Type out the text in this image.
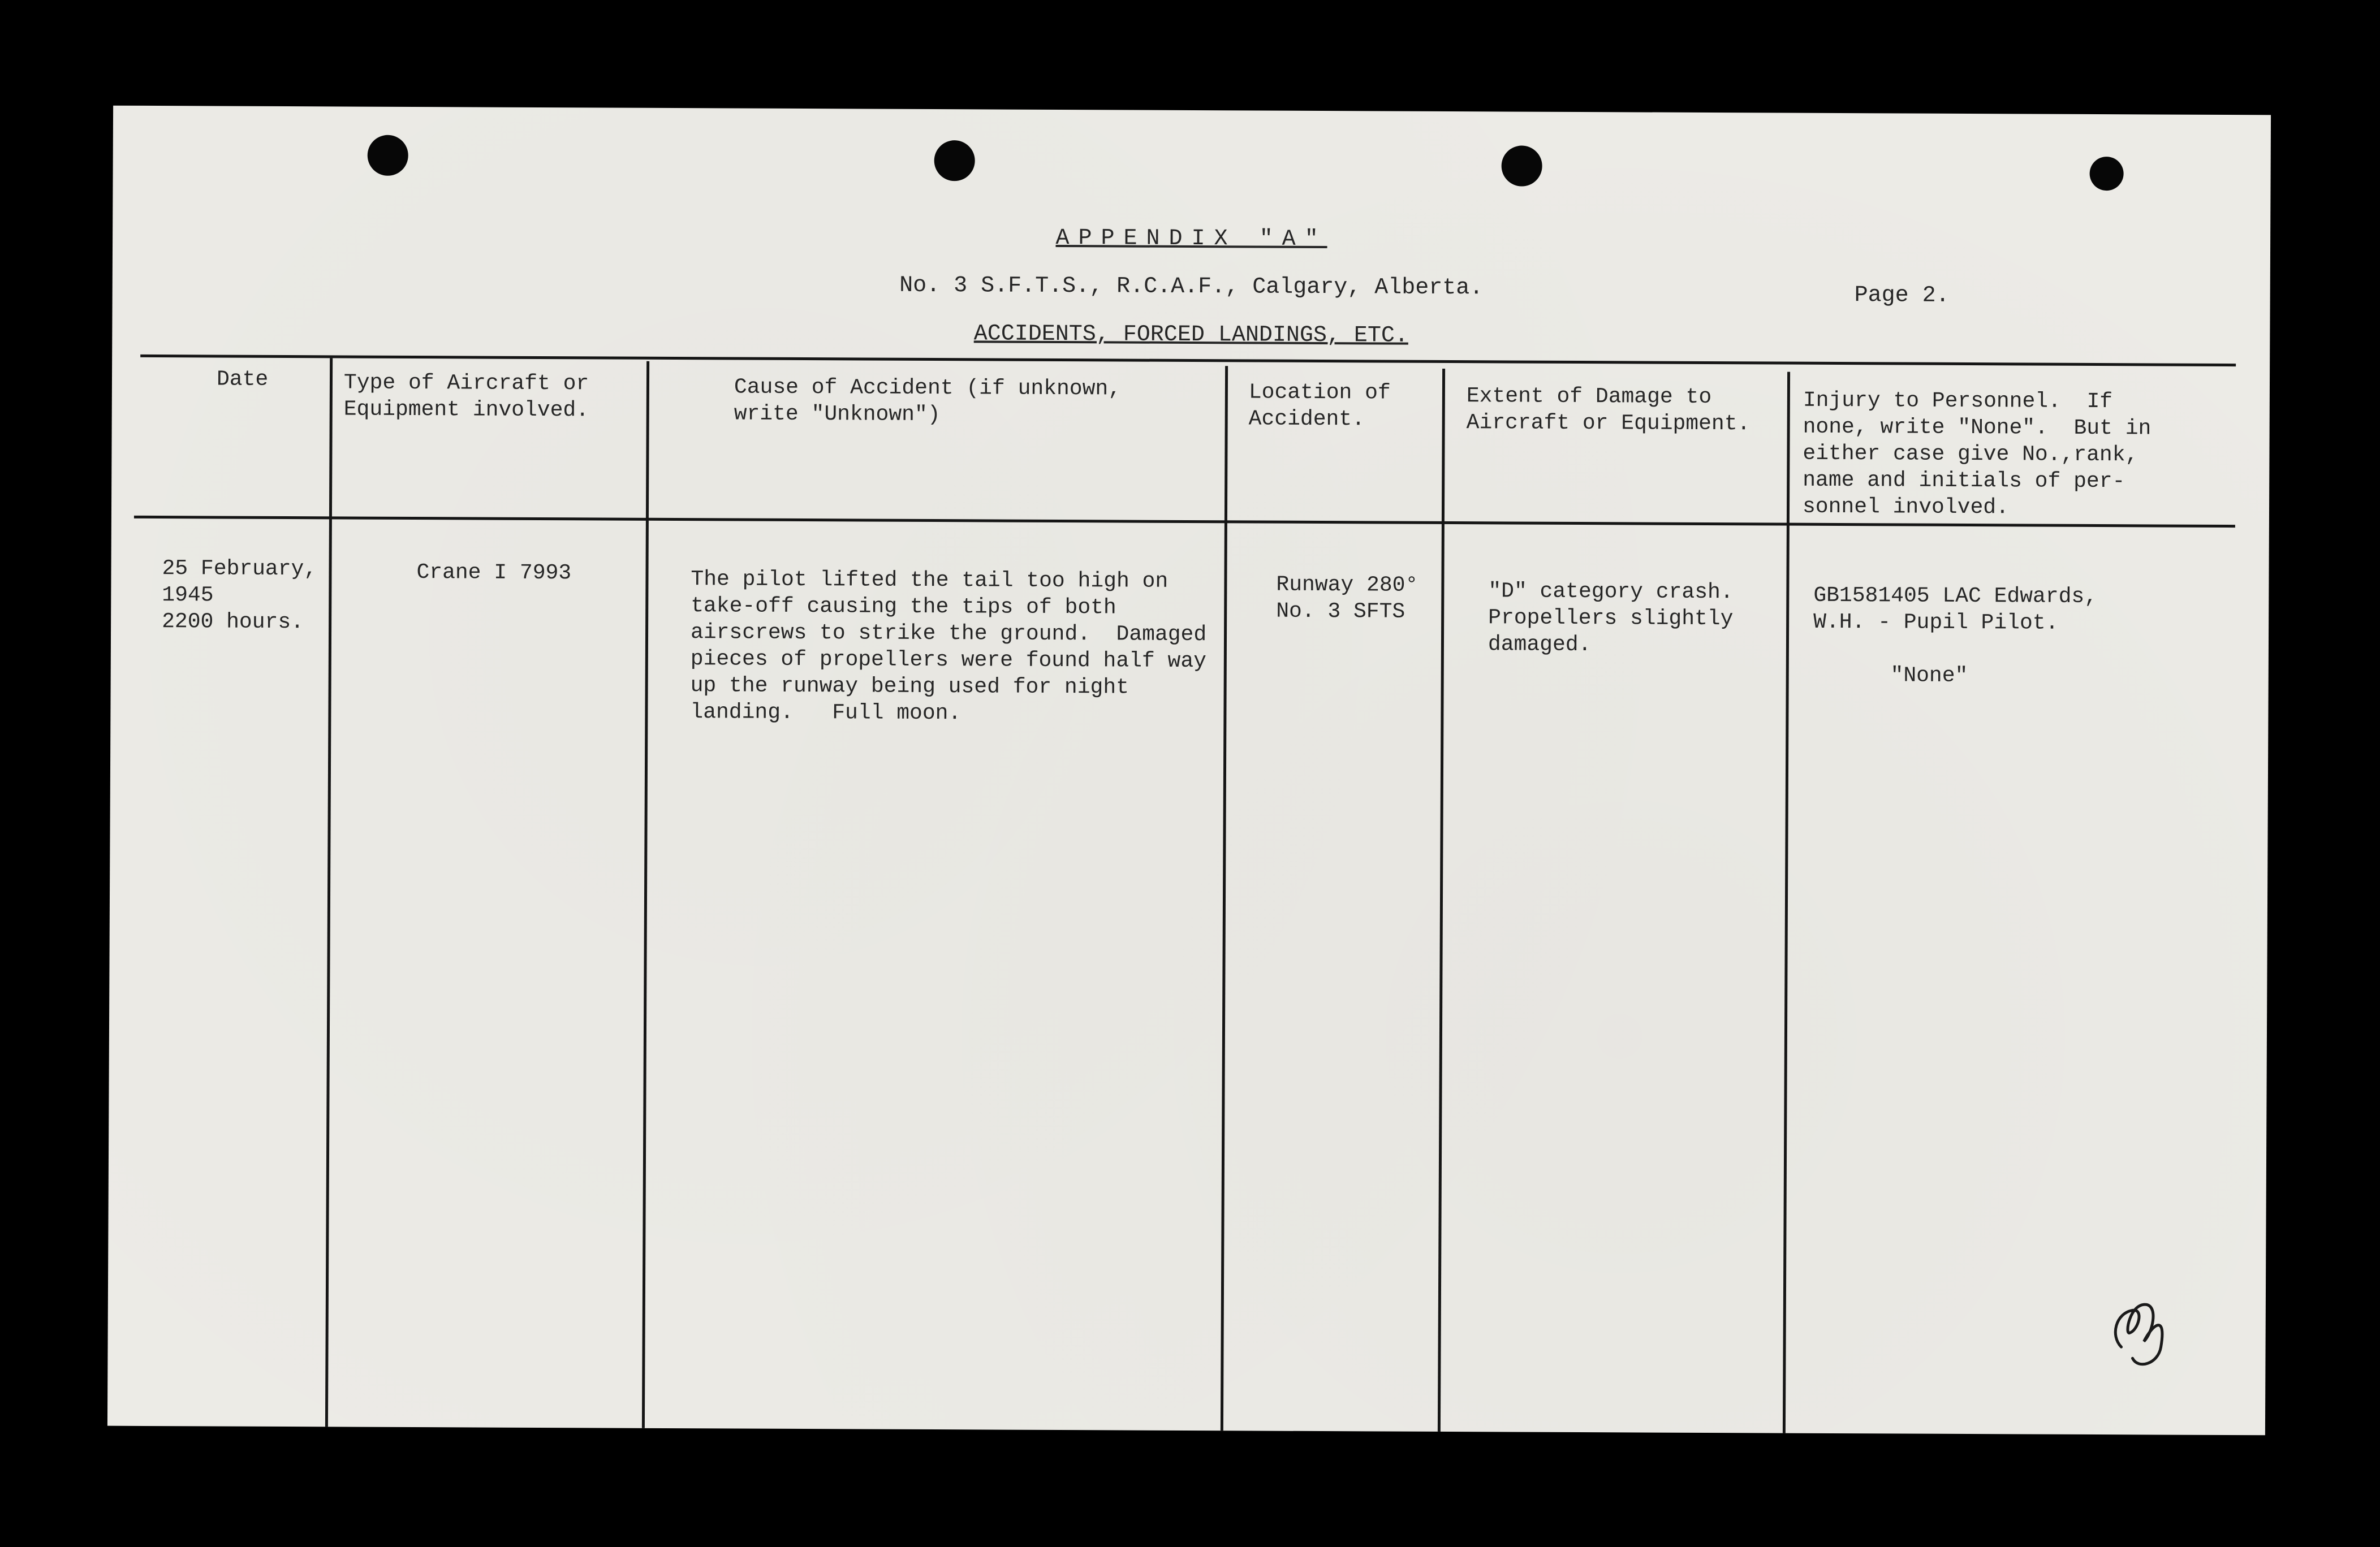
APPENDIX "A"
No. 3 S.F.T.S., R.C.A.F., Calgary, Alberta.
ACCIDENTS, FORCED LANDINGS, ETC.
Page 2.
Date	Type of Aircraft or
Equipment involved.
Cause of Accident (if unknown,
write "Unknown")
Location of
Accident.
Extent of Damage to
Aircraft or Equipment.
Injury to Personnel.  If
none, write "None".  But in
either case give No.,rank,
name and initials of per-
sonnel involved.
25 February,
1945
2200 hours.
Crane I 7993	The pilot lifted the tail too high on
take-off causing the tips of both
airscrews to strike the ground.  Damaged
pieces of propellers were found half way
up the runway being used for night
landing.   Full moon.
Runway 280°
No. 3 SFTS
"D" category crash.
Propellers slightly
damaged.
GB1581405 LAC Edwards,
W.H. - Pupil Pilot.

"None"
